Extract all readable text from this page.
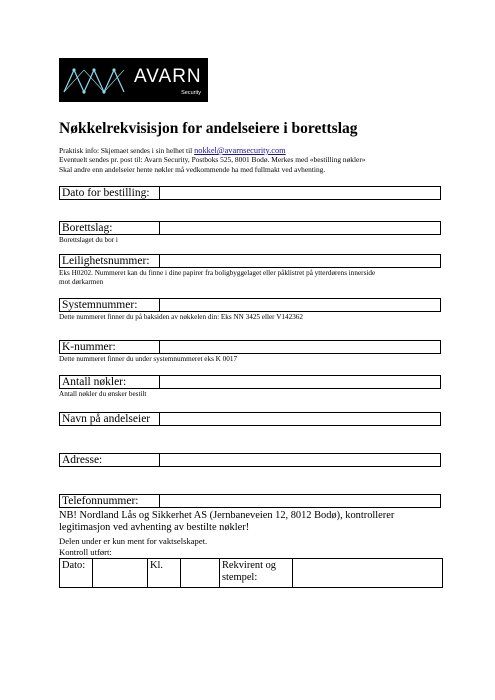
AVARN
Security
Nøkkelrekvisisjon for andelseiere i borettslag
Praktisk info: Skjemaet sendes i sin helhet til nokkel@avarnsecurity.com
Eventuelt sendes pr. post til: Avarn Security, Postboks 525, 8001 Bodø. Merkes med «bestilling nøkler»
Skal andre enn andelseier hente nøkler må vedkommende ha med fullmakt ved avhenting.
Dato for bestilling:
Borettslag:
Borettslaget du bor i
Leilighetsnummer:
Eks H0202. Nummeret kan du finne i dine papirer fra boligbyggelaget eller påklistret på ytterdørens innerside
mot dørkarmen
Systemnummer:
Dette nummeret finner du på baksiden av nøkkelen din: Eks NN 3425 eller V142362
K-nummer:
Dette nummeret finner du under systemnummeret eks K 0017
Antall nøkler:
Antall nøkler du ønsker bestilt
Navn på andelseier
Adresse:
Telefonnummer:
NB! Nordland Lås og Sikkerhet AS (Jernbaneveien 12, 8012 Bodø), kontrollerer
legitimasjon ved avhenting av bestilte nøkler!
Delen under er kun ment for vaktselskapet.
Kontroll utført:
Dato:		Kl.		Rekvirent og
stempel:
